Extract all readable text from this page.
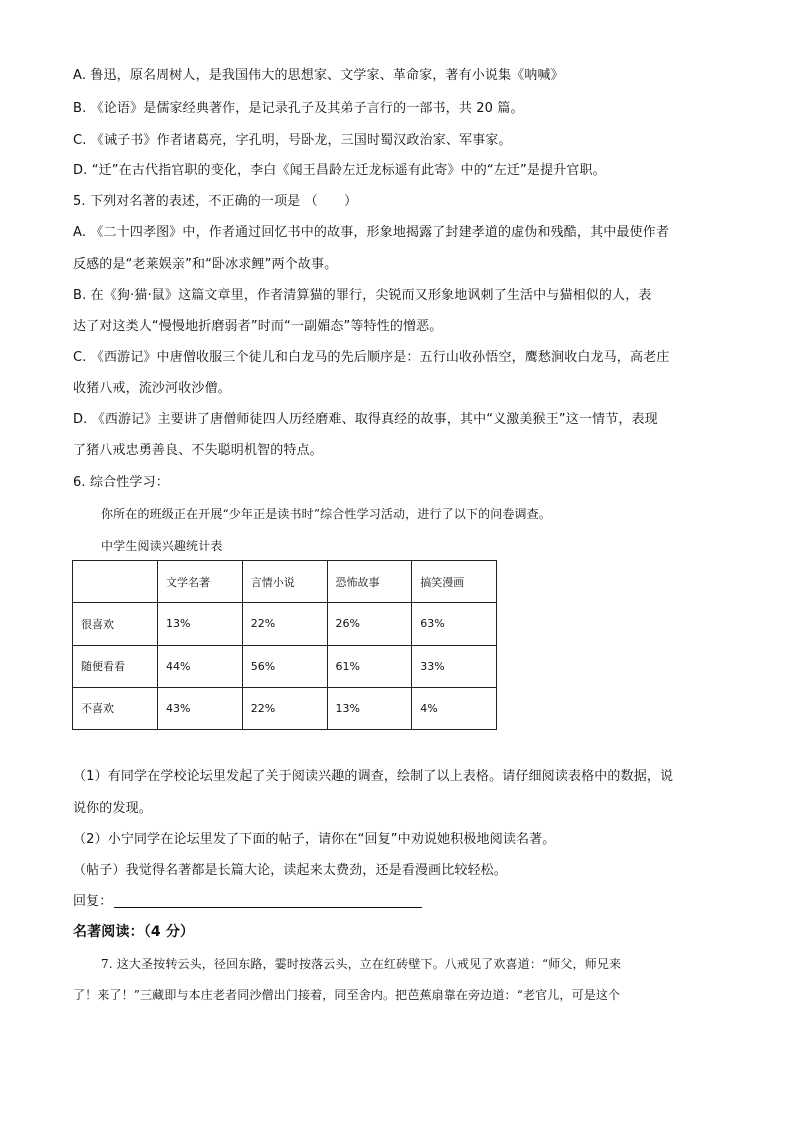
A. 鲁迅，原名周树人，是我国伟大的思想家、文学家、革命家，著有小说集《呐喊》
B. 《论语》是儒家经典著作，是记录孔子及其弟子言行的一部书，共 20 篇。
C. 《诫子书》作者诸葛亮，字孔明，号卧龙，三国时蜀汉政治家、军事家。
D. “迁”在古代指官职的变化，李白《闻王昌龄左迁龙标遥有此寄》中的“左迁”是提升官职。
5. 下列对名著的表述，不正确的一项是 （　　）
A. 《二十四孝图》中，作者通过回忆书中的故事，形象地揭露了封建孝道的虚伪和残酷，其中最使作者
反感的是“老莱娱亲”和“卧冰求鲤”两个故事。
B. 在《狗·猫·鼠》这篇文章里，作者清算猫的罪行，尖锐而又形象地讽刺了生活中与猫相似的人，表
达了对这类人“慢慢地折磨弱者”时而“一副媚态”等特性的憎恶。
C. 《西游记》中唐僧收服三个徒儿和白龙马的先后顺序是：五行山收孙悟空，鹰愁涧收白龙马，高老庄
收猪八戒，流沙河收沙僧。
D. 《西游记》主要讲了唐僧师徒四人历经磨难、取得真经的故事，其中“义激美猴王”这一情节，表现
了猪八戒忠勇善良、不失聪明机智的特点。
6. 综合性学习：
你所在的班级正在开展“少年正是读书时”综合性学习活动，进行了以下的问卷调查。
中学生阅读兴趣统计表
	文学名著	言情小说	恐怖故事	搞笑漫画
很喜欢	13%	22%	26%	63%
随便看看	44%	56%	61%	33%
不喜欢	43%	22%	13%	4%
（1）有同学在学校论坛里发起了关于阅读兴趣的调查，绘制了以上表格。请仔细阅读表格中的数据，说
说你的发现。
（2）小宁同学在论坛里发了下面的帖子，请你在“回复”中劝说她积极地阅读名著。
（帖子）我觉得名著都是长篇大论，读起来太费劲，还是看漫画比较轻松。
回复：
名著阅读：（4 分）
7. 这大圣按转云头，径回东路，霎时按落云头，立在红砖壁下。八戒见了欢喜道：“师父，师兄来
了！来了！”三藏即与本庄老者同沙僧出门接着，同至舍内。把芭蕉扇靠在旁边道：“老官儿，可是这个
